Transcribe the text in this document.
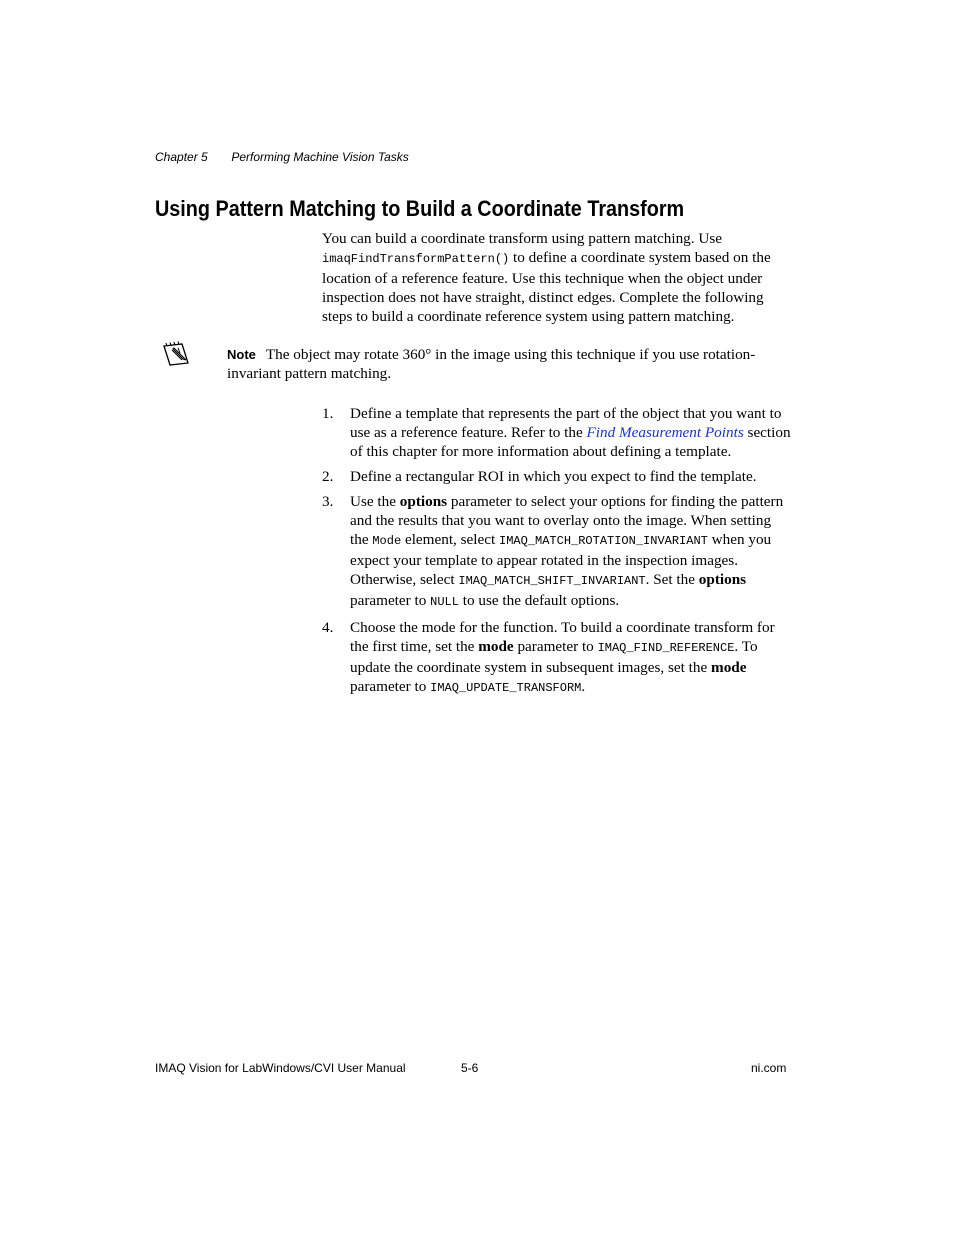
Chapter 5 Performing Machine Vision Tasks
Using Pattern Matching to Build a Coordinate Transform
You can build a coordinate transform using pattern matching. Use imaqFindTransformPattern() to define a coordinate system based on the location of a reference feature. Use this technique when the object under inspection does not have straight, distinct edges. Complete the following steps to build a coordinate reference system using pattern matching.
Note The object may rotate 360° in the image using this technique if you use rotation-invariant pattern matching.
1.	Define a template that represents the part of the object that you want to use as a reference feature. Refer to the Find Measurement Points section of this chapter for more information about defining a template.
2.	Define a rectangular ROI in which you expect to find the template.
3.	Use the options parameter to select your options for finding the pattern and the results that you want to overlay onto the image. When setting the Mode element, select IMAQ_MATCH_ROTATION_INVARIANT when you expect your template to appear rotated in the inspection images. Otherwise, select IMAQ_MATCH_SHIFT_INVARIANT. Set the options parameter to NULL to use the default options.
4.	Choose the mode for the function. To build a coordinate transform for the first time, set the mode parameter to IMAQ_FIND_REFERENCE. To update the coordinate system in subsequent images, set the mode parameter to IMAQ_UPDATE_TRANSFORM.
IMAQ Vision for LabWindows/CVI User Manual	5-6	ni.com
